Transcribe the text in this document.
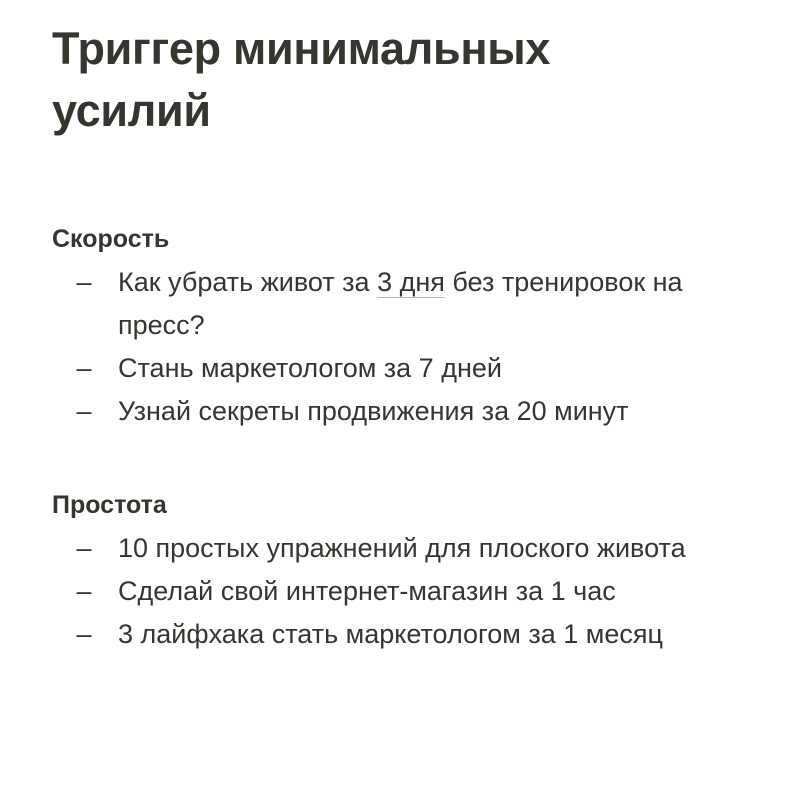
Триггер минимальных усилий
Скорость
– Как убрать живот за 3 дня без тренировок на пресс?
– Стань маркетологом за 7 дней
– Узнай секреты продвижения за 20 минут
Простота
– 10 простых упражнений для плоского живота
– Сделай свой интернет-магазин за 1 час
– 3 лайфхака стать маркетологом за 1 месяц
